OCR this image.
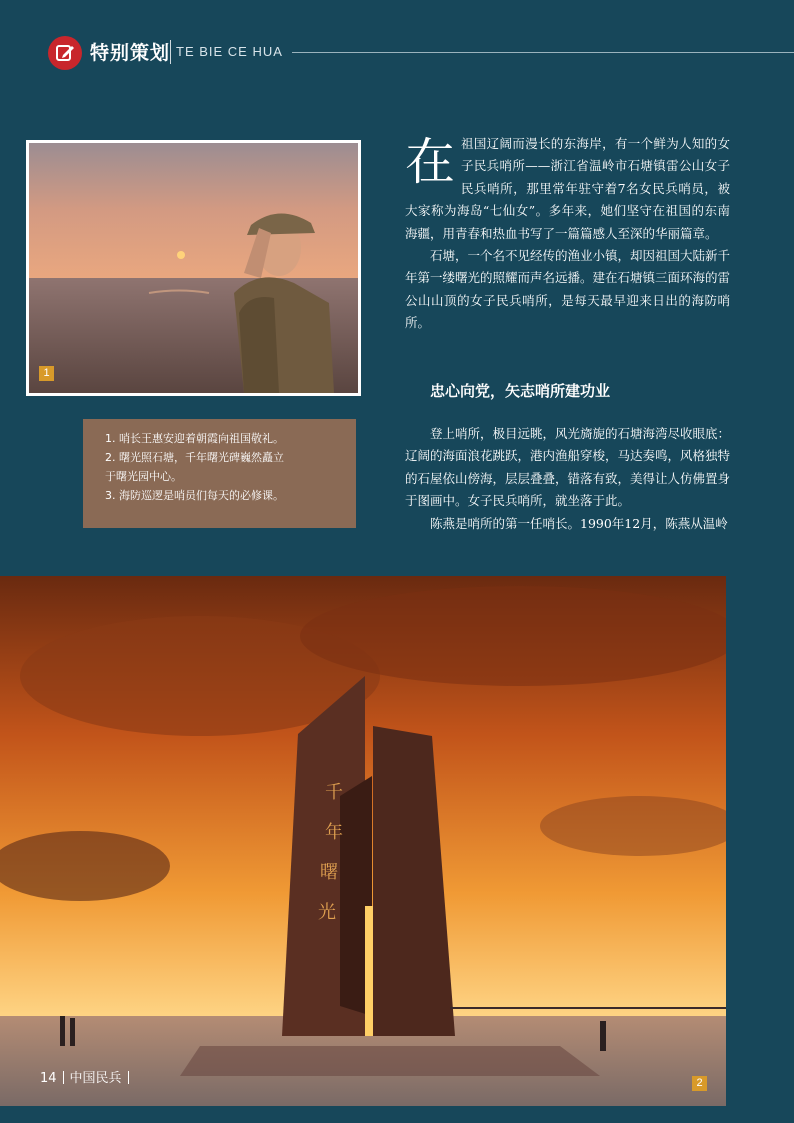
特别策划 TE BIE CE HUA
1
1. 哨长王惠安迎着朝霞向祖国敬礼。
2. 曙光照石塘，千年曙光碑巍然矗立
于曙光园中心。
3. 海防巡逻是哨员们每天的必修课。
在 祖国辽阔而漫长的东海岸，有一个鲜为人知的女子民兵哨所——浙江省温岭市石塘镇雷公山女子民兵哨所，那里常年驻守着7名女民兵哨员，被大家称为海岛“七仙女”。多年来，她们坚守在祖国的东南海疆，用青春和热血书写了一篇篇感人至深的华丽篇章。

石塘，一个名不见经传的渔业小镇，却因祖国大陆新千年第一缕曙光的照耀而声名远播。建在石塘镇三面环海的雷公山山顶的女子民兵哨所，是每天最早迎来日出的海防哨所。

忠心向党，矢志哨所建功业

登上哨所，极目远眺，风光旖旎的石塘海湾尽收眼底：辽阔的海面浪花跳跃，港内渔船穿梭，马达奏鸣，风格独特的石屋依山傍海，层层叠叠，错落有致，美得让人仿佛置身于图画中。女子民兵哨所，就坐落于此。

陈燕是哨所的第一任哨长。1990年12月，陈燕从温岭

千
年
曙
光
2
14 中国民兵
